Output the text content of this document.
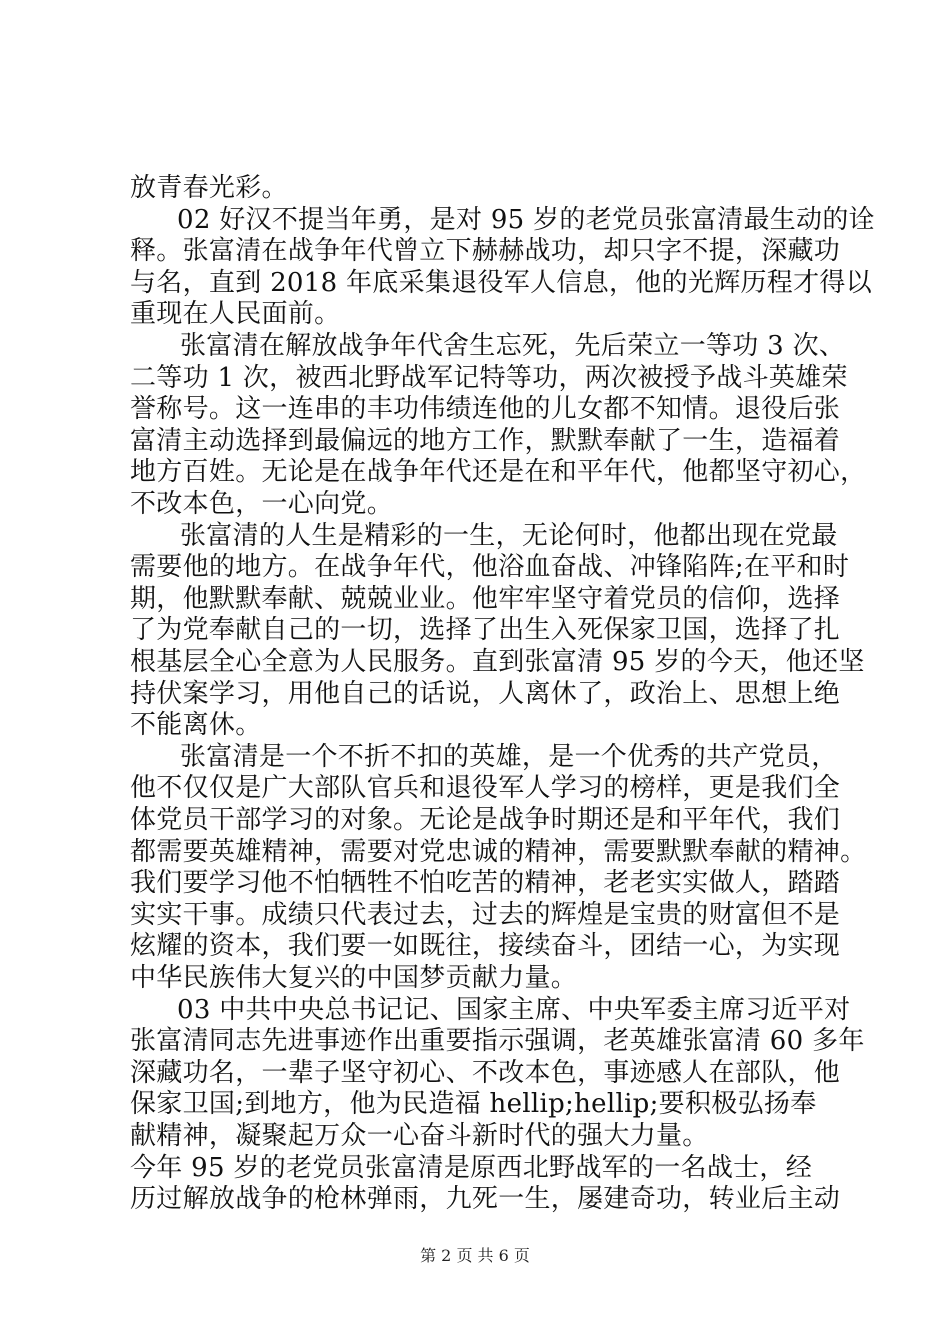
放青春光彩。
02 好汉不提当年勇，是对 95 岁的老党员张富清最生动的诠
释。张富清在战争年代曾立下赫赫战功，却只字不提，深藏功
与名，直到 2018 年底采集退役军人信息，他的光辉历程才得以
重现在人民面前。
张富清在解放战争年代舍生忘死，先后荣立一等功 3 次、
二等功 1 次，被西北野战军记特等功，两次被授予战斗英雄荣
誉称号。这一连串的丰功伟绩连他的儿女都不知情。退役后张
富清主动选择到最偏远的地方工作，默默奉献了一生，造福着
地方百姓。无论是在战争年代还是在和平年代，他都坚守初心，
不改本色，一心向党。
张富清的人生是精彩的一生，无论何时，他都出现在党最
需要他的地方。在战争年代，他浴血奋战、冲锋陷阵;在平和时
期，他默默奉献、兢兢业业。他牢牢坚守着党员的信仰，选择
了为党奉献自己的一切，选择了出生入死保家卫国，选择了扎
根基层全心全意为人民服务。直到张富清 95 岁的今天，他还坚
持伏案学习，用他自己的话说，人离休了，政治上、思想上绝
不能离休。
张富清是一个不折不扣的英雄，是一个优秀的共产党员，
他不仅仅是广大部队官兵和退役军人学习的榜样，更是我们全
体党员干部学习的对象。无论是战争时期还是和平年代，我们
都需要英雄精神，需要对党忠诚的精神，需要默默奉献的精神。
我们要学习他不怕牺牲不怕吃苦的精神，老老实实做人，踏踏
实实干事。成绩只代表过去，过去的辉煌是宝贵的财富但不是
炫耀的资本，我们要一如既往，接续奋斗，团结一心，为实现
中华民族伟大复兴的中国梦贡献力量。
03 中共中央总书记记、国家主席、中央军委主席习近平对
张富清同志先进事迹作出重要指示强调，老英雄张富清 60 多年
深藏功名，一辈子坚守初心、不改本色，事迹感人在部队，他
保家卫国;到地方，他为民造福 hellip;hellip;要积极弘扬奉
献精神，凝聚起万众一心奋斗新时代的强大力量。
今年 95 岁的老党员张富清是原西北野战军的一名战士，经
历过解放战争的枪林弹雨，九死一生，屡建奇功，转业后主动
第 2 页 共 6 页
